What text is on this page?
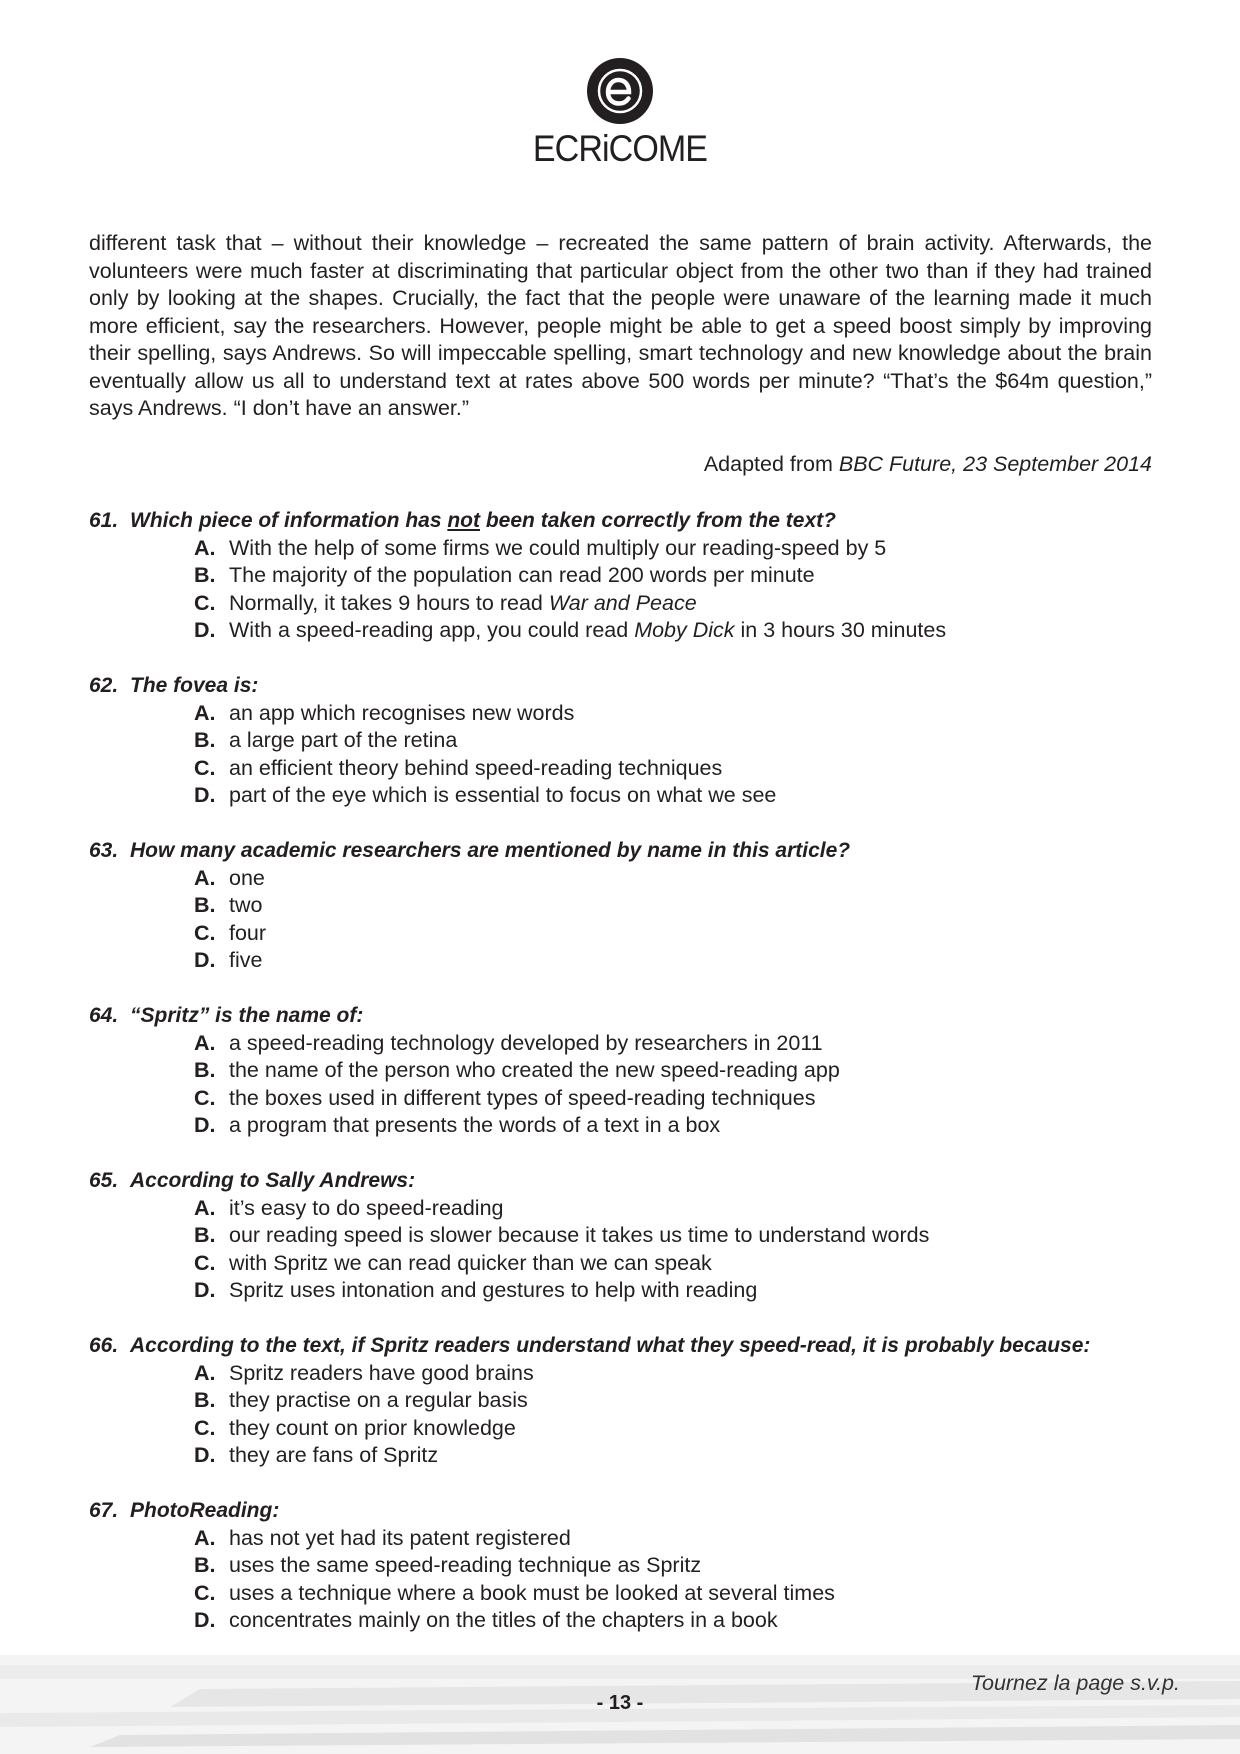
ECRiCOME

different task that – without their knowledge – recreated the same pattern of brain activity. Afterwards, the volunteers were much faster at discriminating that particular object from the other two than if they had trained only by looking at the shapes. Crucially, the fact that the people were unaware of the learning made it much more efficient, say the researchers. However, people might be able to get a speed boost simply by improving their spelling, says Andrews. So will impeccable spelling, smart technology and new knowledge about the brain eventually allow us all to understand text at rates above 500 words per minute? “That’s the $64m question,” says Andrews. “I don’t have an answer.”

Adapted from BBC Future, 23 September 2014
61. Which piece of information has not been taken correctly from the text?
A. With the help of some firms we could multiply our reading-speed by 5
B. The majority of the population can read 200 words per minute
C. Normally, it takes 9 hours to read War and Peace
D. With a speed-reading app, you could read Moby Dick in 3 hours 30 minutes
62. The fovea is:
A. an app which recognises new words
B. a large part of the retina
C. an efficient theory behind speed-reading techniques
D. part of the eye which is essential to focus on what we see
63. How many academic researchers are mentioned by name in this article?
A. one
B. two
C. four
D. five
64. “Spritz” is the name of:
A. a speed-reading technology developed by researchers in 2011
B. the name of the person who created the new speed-reading app
C. the boxes used in different types of speed-reading techniques
D. a program that presents the words of a text in a box
65. According to Sally Andrews:
A. it’s easy to do speed-reading
B. our reading speed is slower because it takes us time to understand words
C. with Spritz we can read quicker than we can speak
D. Spritz uses intonation and gestures to help with reading
66. According to the text, if Spritz readers understand what they speed-read, it is probably because:
A. Spritz readers have good brains
B. they practise on a regular basis
C. they count on prior knowledge
D. they are fans of Spritz
67. PhotoReading:
A. has not yet had its patent registered
B. uses the same speed-reading technique as Spritz
C. uses a technique where a book must be looked at several times
D. concentrates mainly on the titles of the chapters in a book
Tournez la page s.v.p.
- 13 -
